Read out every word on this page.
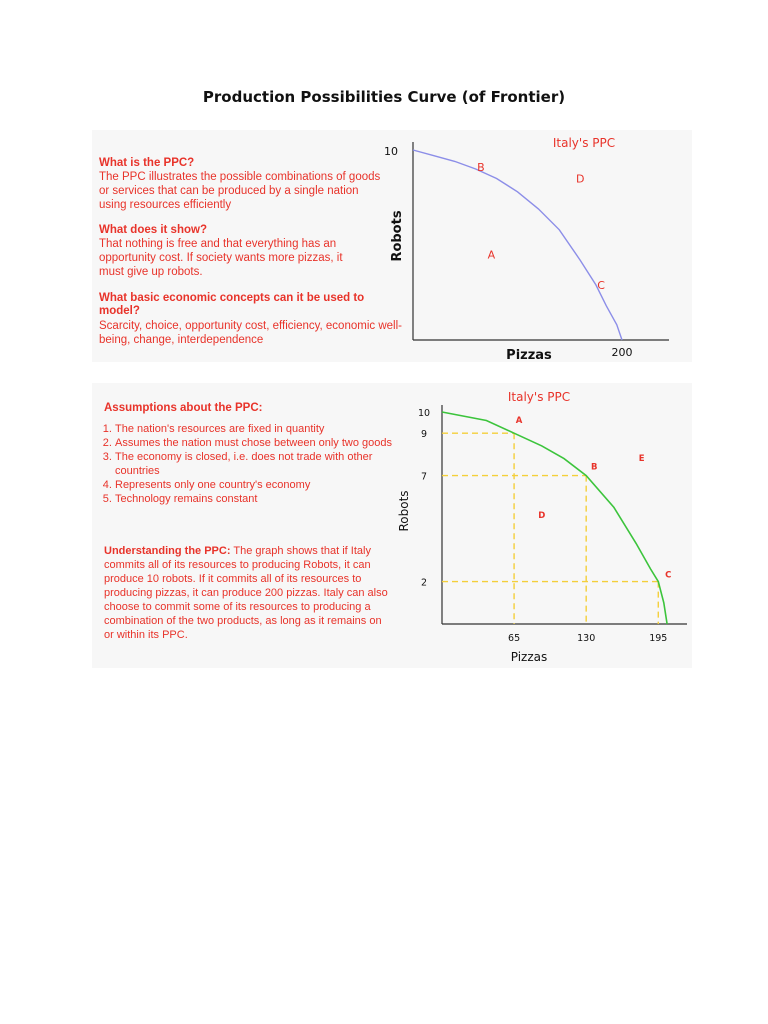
Production Possibilities Curve (of Frontier)
What is the PPC?
The PPC illustrates the possible combinations of goods or services that can be produced by a single nation using resources efficiently
What does it show?
That nothing is free and that everything has an opportunity cost. If society wants more pizzas, it must give up robots.
What basic economic concepts can it be used to model?
Scarcity, choice, opportunity cost, efficiency, economic well-being, change, interdependence
Italy's PPC
Robots
Pizzas
10
200
A
B
C
D
Assumptions about the PPC:
1. The nation's resources are fixed in quantity
2. Assumes the nation must chose between only two goods
3. The economy is closed, i.e. does not trade with other countries
4. Represents only one country's economy
5. Technology remains constant
Understanding the PPC: The graph shows that if Italy commits all of its resources to producing Robots, it can produce 10 robots. If it commits all of its resources to producing pizzas, it can produce 200 pizzas. Italy can also choose to commit some of its resources to producing a combination of the two products, as long as it remains on or within its PPC.
Italy's PPC
Robots
Pizzas
10
9
7
2
65	130	195
A
B
C
D
E
